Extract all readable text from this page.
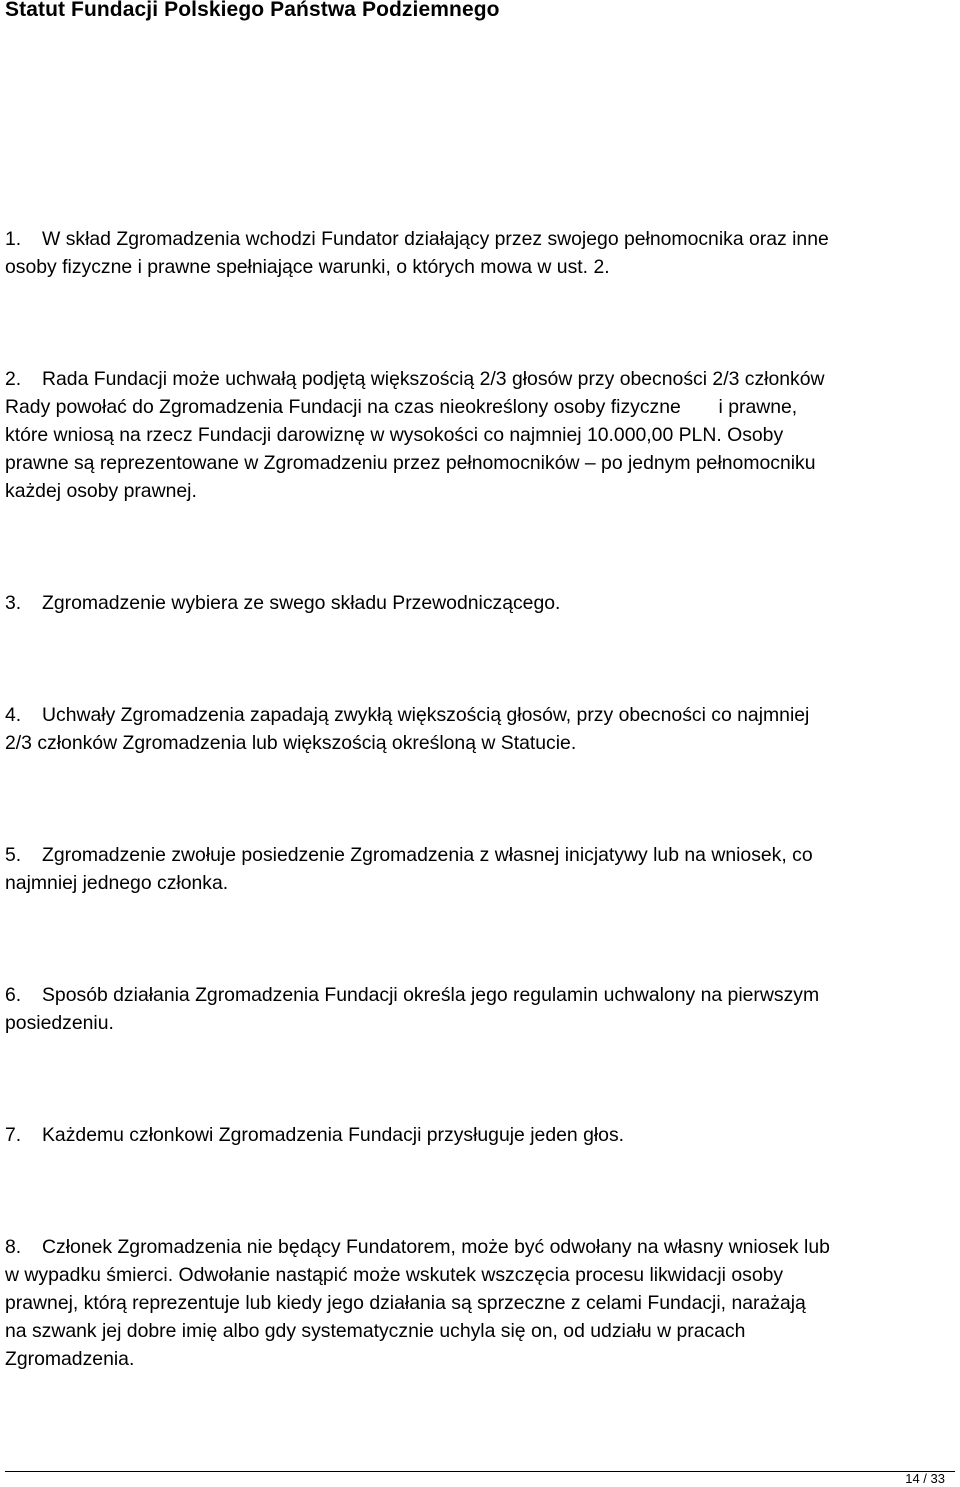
Statut Fundacji Polskiego Państwa Podziemnego

1. W skład Zgromadzenia wchodzi Fundator działający przez swojego pełnomocnika oraz inne
osoby fizyczne i prawne spełniające warunki, o których mowa w ust. 2.

2. Rada Fundacji może uchwałą podjętą większością 2/3 głosów przy obecności 2/3 członków
Rady powołać do Zgromadzenia Fundacji na czas nieokreślony osoby fizyczne       i prawne,
które wniosą na rzecz Fundacji darowiznę w wysokości co najmniej 10.000,00 PLN. Osoby
prawne są reprezentowane w Zgromadzeniu przez pełnomocników – po jednym pełnomocniku
każdej osoby prawnej.

3. Zgromadzenie wybiera ze swego składu Przewodniczącego.

4. Uchwały Zgromadzenia zapadają zwykłą większością głosów, przy obecności co najmniej
2/3 członków Zgromadzenia lub większością określoną w Statucie.

5. Zgromadzenie zwołuje posiedzenie Zgromadzenia z własnej inicjatywy lub na wniosek, co
najmniej jednego członka.

6. Sposób działania Zgromadzenia Fundacji określa jego regulamin uchwalony na pierwszym
posiedzeniu.

7. Każdemu członkowi Zgromadzenia Fundacji przysługuje jeden głos.

8. Członek Zgromadzenia nie będący Fundatorem, może być odwołany na własny wniosek lub
w wypadku śmierci. Odwołanie nastąpić może wskutek wszczęcia procesu likwidacji osoby
prawnej, którą reprezentuje lub kiedy jego działania są sprzeczne z celami Fundacji, narażają
na szwank jej dobre imię albo gdy systematycznie uchyla się on, od udziału w pracach
Zgromadzenia.

14 / 33
